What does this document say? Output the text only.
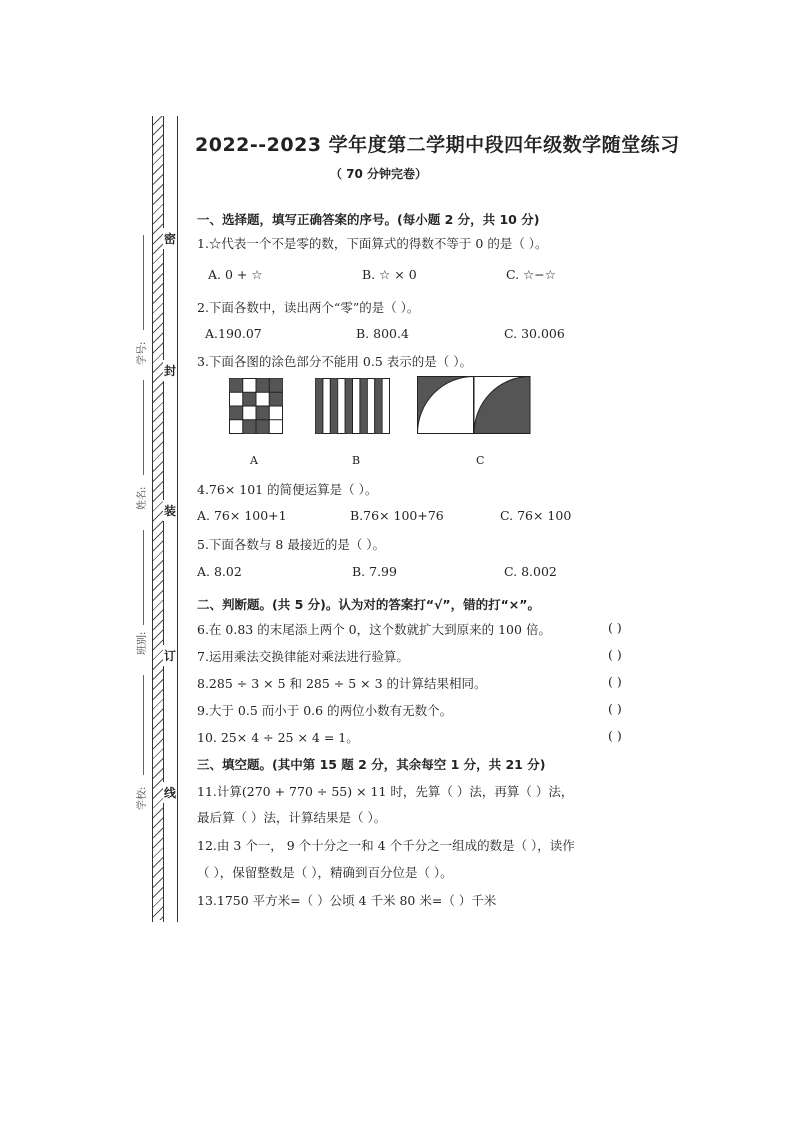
密
封
装
订
线
学号:
姓名:
班别:
学校:
2022--2023 学年度第二学期中段四年级数学随堂练习
（ 70 分钟完卷）
一、选择题，填写正确答案的序号。(每小题 2 分，共 10 分)
1.☆代表一个不是零的数，下面算式的得数不等于 0 的是（ ）。
A. 0 + ☆	B. ☆ × 0	C. ☆−☆
2.下面各数中，读出两个“零”的是（ ）。
A.190.07	B. 800.4	C. 30.006
3.下面各图的涂色部分不能用 0.5 表示的是（ ）。
A	B	C
4.76× 101 的简便运算是（ ）。
A. 76× 100+1	B.76× 100+76	C. 76× 100
5.下面各数与 8 最接近的是（ ）。
A. 8.02	B. 7.99	C. 8.002
二、判断题。(共 5 分)。认为对的答案打“√”，错的打“×”。
6.在 0.83 的末尾添上两个 0，这个数就扩大到原来的 100 倍。	( )
7.运用乘法交换律能对乘法进行验算。	( )
8.285 ÷ 3 × 5 和 285 ÷ 5 × 3 的计算结果相同。	( )
9.大于 0.5 而小于 0.6 的两位小数有无数个。	( )
10. 25× 4 ÷ 25 × 4 = 1。	( )
三、填空题。(其中第 15 题 2 分，其余每空 1 分，共 21 分)
11.计算(270 + 770 ÷ 55) × 11 时，先算（ ）法，再算（ ）法，
最后算（ ）法，计算结果是（ ）。
12.由 3 个一， 9 个十分之一和 4 个千分之一组成的数是（ ），读作
（ ），保留整数是（ ），精确到百分位是（ ）。
13.1750 平方米=（ ）公顷 4 千米 80 米=（ ）千米
